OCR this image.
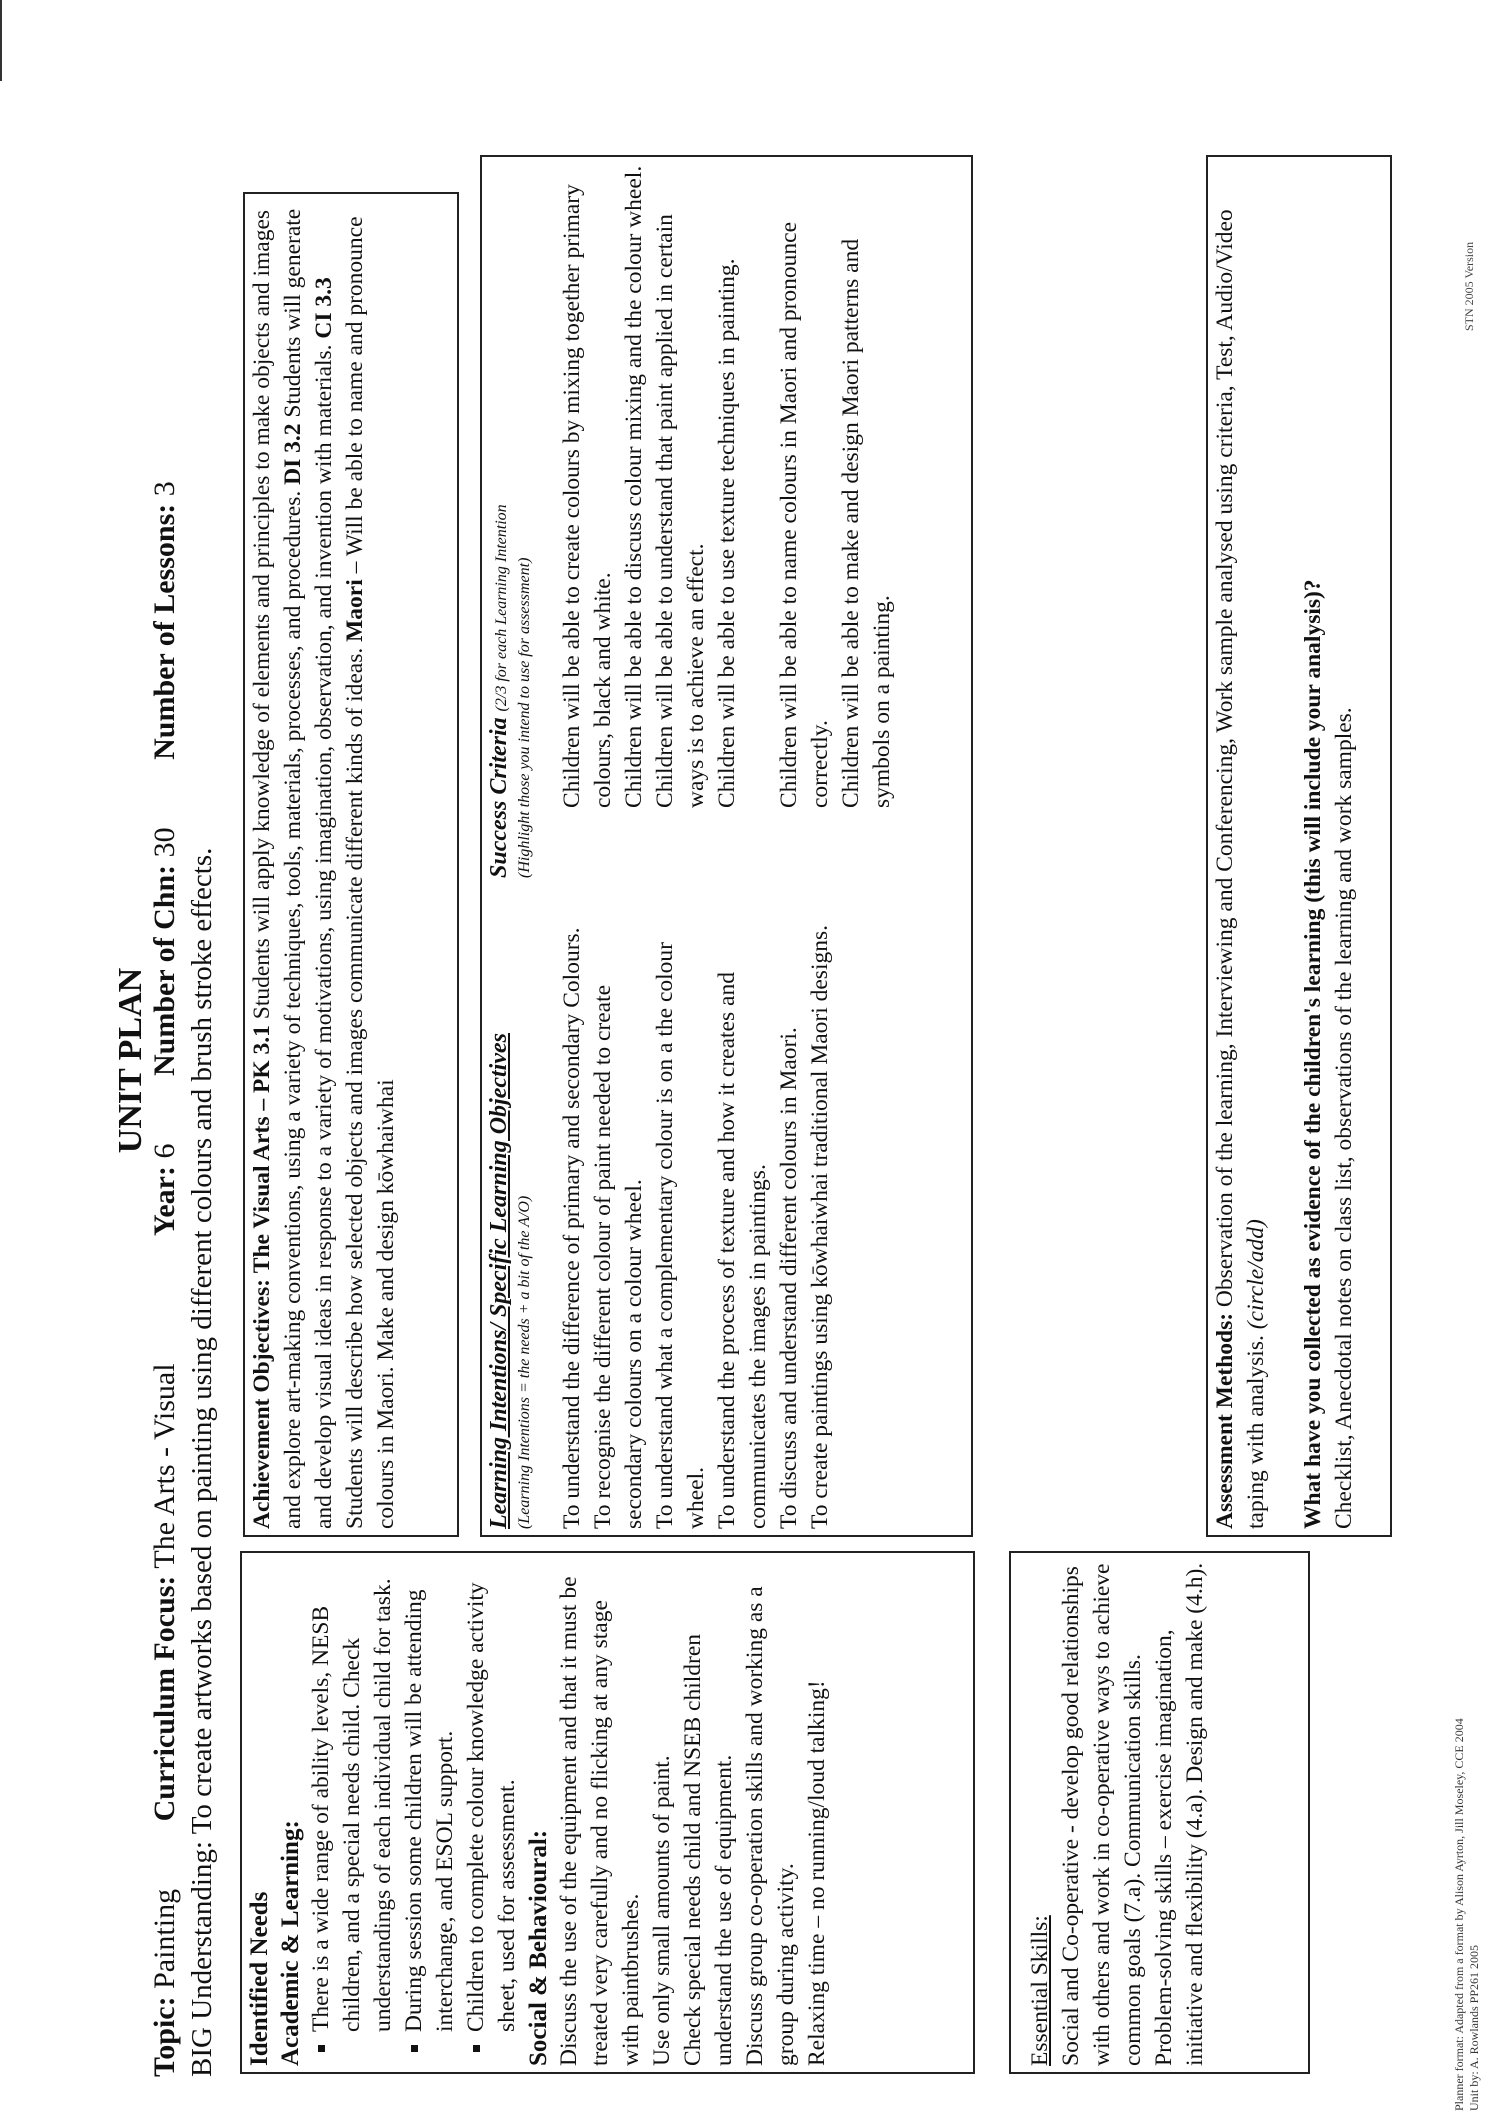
UNIT PLAN
Topic: Painting Curriculum Focus: The Arts - Visual Year: 6 Number of Chn: 30 Number of Lessons: 3
BIG Understanding: To create artworks based on painting using different colours and brush stroke effects.
Identified Needs Academic & Learning: ▪ There is a wide range of ability levels, NESB children, and a special needs child. Check understandings of each individual child for task. ▪ During session some children will be attending interchange, and ESOL support. ▪ Children to complete colour knowledge activity sheet, used for assessment. Social & Behavioural: Discuss the use of the equipment and that it must be treated very carefully and no flicking at any stage with paintbrushes. Use only small amounts of paint. Check special needs child and NSEB children understand the use of equipment. Discuss group co-operation skills and working as a group during activity. Relaxing time – no running/loud talking!	Essential Skills: Social and Co-operative - develop good relationships with others and work in co-operative ways to achieve common goals (7.a). Communication skills. Problem-solving skills – exercise imagination, initiative and flexibility (4.a). Design and make (4.h).

Achievement Objectives: The Visual Arts – PK 3.1 Students will apply knowledge of elements and principles to make objects and images and explore art-making conventions, using a variety of techniques, tools, materials, processes, and procedures. DI 3.2 Students will generate and develop visual ideas in response to a variety of motivations, using imagination, observation, and invention with materials. CI 3.3 Students will describe how selected objects and images communicate different kinds of ideas. Maori – Will be able to name and pronounce colours in Maori. Make and design kōwhaiwhai	Learning Intentions/ Specific Learning Objectives (Learning Intentions = the needs + a bit of the A/O) To understand the difference of primary and secondary Colours. To recognise the different colour of paint needed to create secondary colours on a colour wheel. To understand what a complementary colour is on a the colour wheel. To understand the process of texture and how it creates and communicates the images in paintings. To discuss and understand different colours in Maori. To create paintings using kōwhaiwhai traditional Maori designs.

Success Criteria (2/3 for each Learning Intention (Highlight those you intend to use for assessment) Children will be able to create colours by mixing together primary colours, black and white. Children will be able to discuss colour mixing and the colour wheel. Children will be able to understand that paint applied in certain ways is to achieve an effect. Children will be able to use texture techniques in painting. Children will be able to name colours in Maori and pronounce correctly. Children will be able to make and design Maori patterns and symbols on a painting.

Assessment Methods: Observation of the learning, Interviewing and Conferencing, Work sample analysed using criteria, Test, Audio/Video taping with analysis. (circle/add) What have you collected as evidence of the children's learning (this will include your analysis)? Checklist, Anecdotal notes on class list, observations of the learning and work samples.

Planner format: Adapted from a format by Alison Ayrton, Jill Moseley, CCE 2004 Unit by: A. Rowlands PP261 2005
STN 2005 Version
